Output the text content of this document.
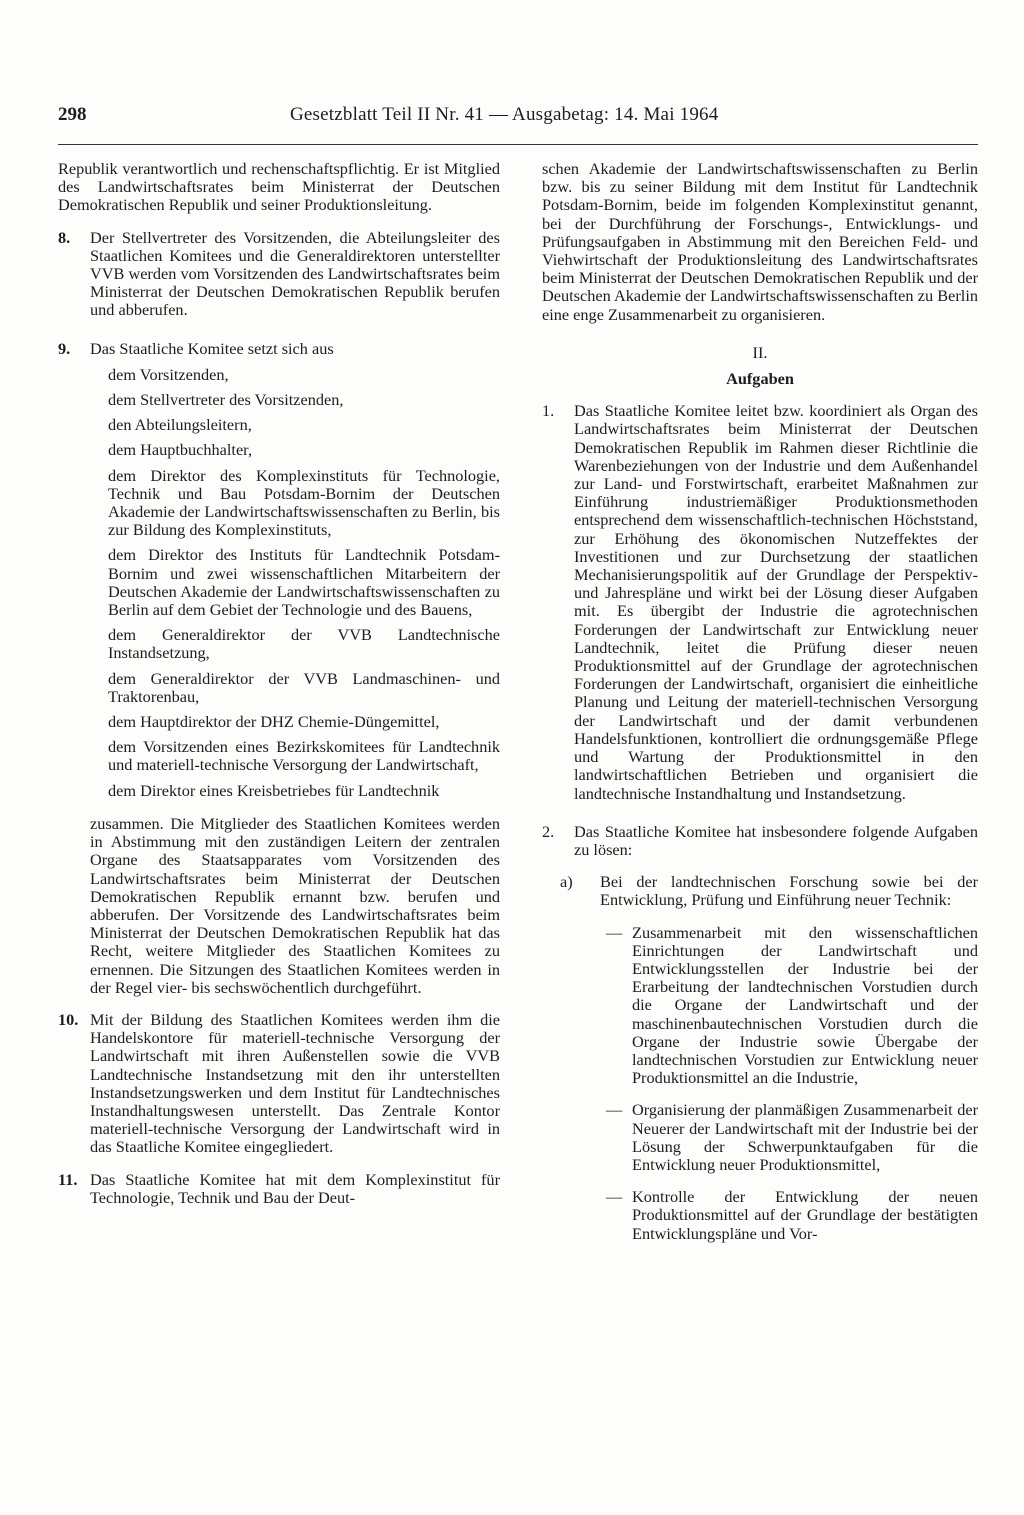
298	Gesetzblatt Teil II Nr. 41 — Ausgabetag: 14. Mai 1964

Republik verantwortlich und rechenschaftspflichtig. Er ist Mitglied des Landwirtschaftsrates beim Ministerrat der Deutschen Demokratischen Republik und seiner Produktionsleitung.

8. Der Stellvertreter des Vorsitzenden, die Abteilungsleiter des Staatlichen Komitees und die Generaldirektoren unterstellter VVB werden vom Vorsitzenden des Landwirtschaftsrates beim Ministerrat der Deutschen Demokratischen Republik berufen und abberufen.

9. Das Staatliche Komitee setzt sich aus

dem Vorsitzenden,

dem Stellvertreter des Vorsitzenden,

den Abteilungsleitern,

dem Hauptbuchhalter,

dem Direktor des Komplexinstituts für Technologie, Technik und Bau Potsdam-Bornim der Deutschen Akademie der Landwirtschaftswissenschaften zu Berlin, bis zur Bildung des Komplexinstituts,

dem Direktor des Instituts für Landtechnik Potsdam-Bornim und zwei wissenschaftlichen Mitarbeitern der Deutschen Akademie der Landwirtschaftswissenschaften zu Berlin auf dem Gebiet der Technologie und des Bauens,

dem Generaldirektor der VVB Landtechnische Instandsetzung,

dem Generaldirektor der VVB Landmaschinen- und Traktorenbau,

dem Hauptdirektor der DHZ Chemie-Düngemittel,

dem Vorsitzenden eines Bezirkskomitees für Landtechnik und materiell-technische Versorgung der Landwirtschaft,

dem Direktor eines Kreisbetriebes für Landtechnik

zusammen. Die Mitglieder des Staatlichen Komitees werden in Abstimmung mit den zuständigen Leitern der zentralen Organe des Staatsapparates vom Vorsitzenden des Landwirtschaftsrates beim Ministerrat der Deutschen Demokratischen Republik ernannt bzw. berufen und abberufen. Der Vorsitzende des Landwirtschaftsrates beim Ministerrat der Deutschen Demokratischen Republik hat das Recht, weitere Mitglieder des Staatlichen Komitees zu ernennen. Die Sitzungen des Staatlichen Komitees werden in der Regel vier- bis sechswöchentlich durchgeführt.

10. Mit der Bildung des Staatlichen Komitees werden ihm die Handelskontore für materiell-technische Versorgung der Landwirtschaft mit ihren Außenstellen sowie die VVB Landtechnische Instandsetzung mit den ihr unterstellten Instandsetzungswerken und dem Institut für Landtechnisches Instandhaltungswesen unterstellt. Das Zentrale Kontor materiell-technische Versorgung der Landwirtschaft wird in das Staatliche Komitee eingegliedert.

11. Das Staatliche Komitee hat mit dem Komplexinstitut für Technologie, Technik und Bau der Deut-

schen Akademie der Landwirtschaftswissenschaften zu Berlin bzw. bis zu seiner Bildung mit dem Institut für Landtechnik Potsdam-Bornim, beide im folgenden Komplexinstitut genannt, bei der Durchführung der Forschungs-, Entwicklungs- und Prüfungsaufgaben in Abstimmung mit den Bereichen Feld- und Viehwirtschaft der Produktionsleitung des Landwirtschaftsrates beim Ministerrat der Deutschen Demokratischen Republik und der Deutschen Akademie der Landwirtschaftswissenschaften zu Berlin eine enge Zusammenarbeit zu organisieren.

II.

Aufgaben

1. Das Staatliche Komitee leitet bzw. koordiniert als Organ des Landwirtschaftsrates beim Ministerrat der Deutschen Demokratischen Republik im Rahmen dieser Richtlinie die Warenbeziehungen von der Industrie und dem Außenhandel zur Land- und Forstwirtschaft, erarbeitet Maßnahmen zur Einführung industriemäßiger Produktionsmethoden entsprechend dem wissenschaftlich-technischen Höchststand, zur Erhöhung des ökonomischen Nutzeffektes der Investitionen und zur Durchsetzung der staatlichen Mechanisierungspolitik auf der Grundlage der Perspektiv- und Jahrespläne und wirkt bei der Lösung dieser Aufgaben mit. Es übergibt der Industrie die agrotechnischen Forderungen der Landwirtschaft zur Entwicklung neuer Landtechnik, leitet die Prüfung dieser neuen Produktionsmittel auf der Grundlage der agrotechnischen Forderungen der Landwirtschaft, organisiert die einheitliche Planung und Leitung der materiell-technischen Versorgung der Landwirtschaft und der damit verbundenen Handelsfunktionen, kontrolliert die ordnungsgemäße Pflege und Wartung der Produktionsmittel in den landwirtschaftlichen Betrieben und organisiert die landtechnische Instandhaltung und Instandsetzung.

2. Das Staatliche Komitee hat insbesondere folgende Aufgaben zu lösen:

a) Bei der landtechnischen Forschung sowie bei der Entwicklung, Prüfung und Einführung neuer Technik:

— Zusammenarbeit mit den wissenschaftlichen Einrichtungen der Landwirtschaft und Entwicklungsstellen der Industrie bei der Erarbeitung der landtechnischen Vorstudien durch die Organe der Landwirtschaft und der maschinenbautechnischen Vorstudien durch die Organe der Industrie sowie Übergabe der landtechnischen Vorstudien zur Entwicklung neuer Produktionsmittel an die Industrie,

— Organisierung der planmäßigen Zusammenarbeit der Neuerer der Landwirtschaft mit der Industrie bei der Lösung der Schwerpunktaufgaben für die Entwicklung neuer Produktionsmittel,

— Kontrolle der Entwicklung der neuen Produktionsmittel auf der Grundlage der bestätigten Entwicklungspläne und Vor-
